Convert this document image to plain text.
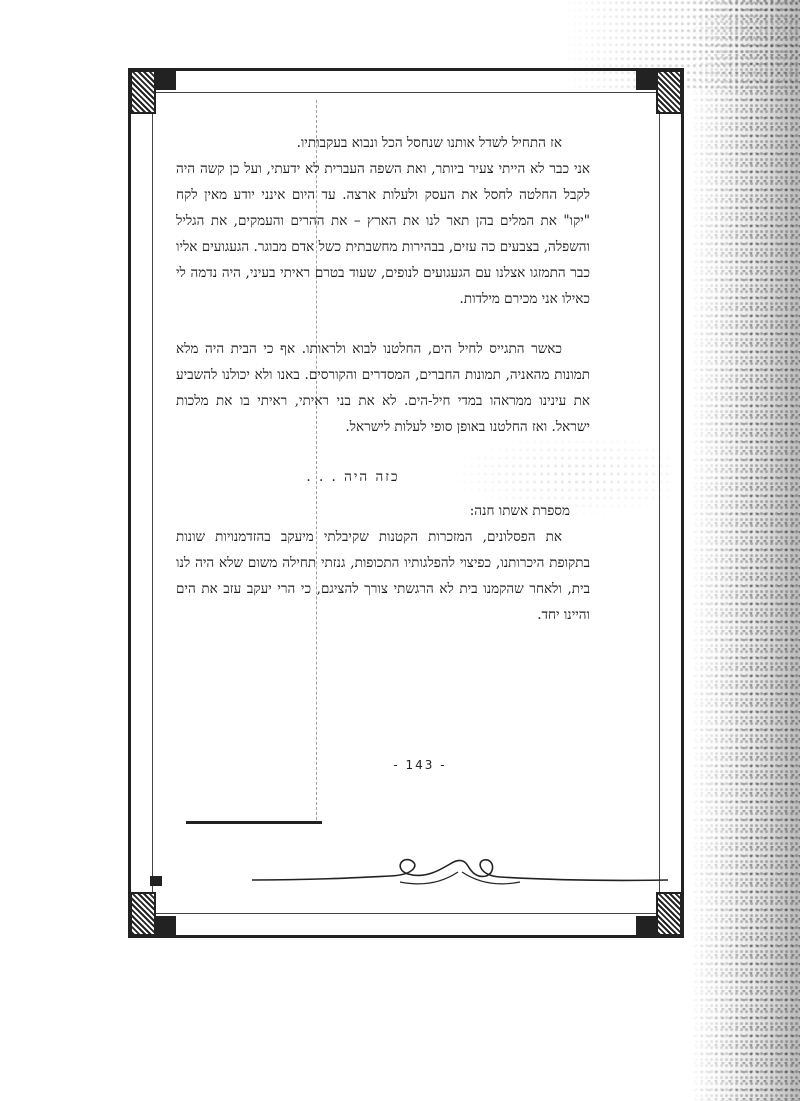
אז התחיל לשדל אותנו שנחסל הכל ונבוא בעקבותיו.

אני כבר לא הייתי צעיר ביותר, ואת השפה העברית לא ידעתי, ועל כן קשה היה לקבל החלטה לחסל את העסק ולעלות ארצה. עד היום אינני יודע מאין לקח "יקו" את המלים בהן תאר לנו את הארץ – את ההרים והעמקים, את הגליל והשפלה, בצבעים כה עזים, בבהירות מחשבתית כשל אדם מבוגר. הגעגועים אליו כבר התמזגו אצלנו עם הגעגועים לנופים, שעוד בטרם ראיתי בעיני, היה נדמה לי כאילו אני מכירם מילדות.

כאשר התגייס לחיל הים, החלטנו לבוא ולראותו. אף כי הבית היה מלא תמונות מהאניה, תמונות החברים, המסדרים והקורסים. באנו ולא יכולנו להשביע את עינינו ממראהו במדי חיל-הים. לא את בני ראיתי, ראיתי בו את מלכות ישראל. ואז החלטנו באופן סופי לעלות לישראל.

כזה היה . . .

מספרת אשתו חנה:

את הפסלונים, המזכרות הקטנות שקיבלתי מיעקב בהזדמנויות שונות בתקופת היכרותנו, כפיצוי להפלגותיו התכופות, גנזתי תחילה משום שלא היה לנו בית, ולאחר שהקמנו בית לא הרגשתי צורך להציגם, כי הרי יעקב עזב את הים והיינו יחד.

- 143 -
